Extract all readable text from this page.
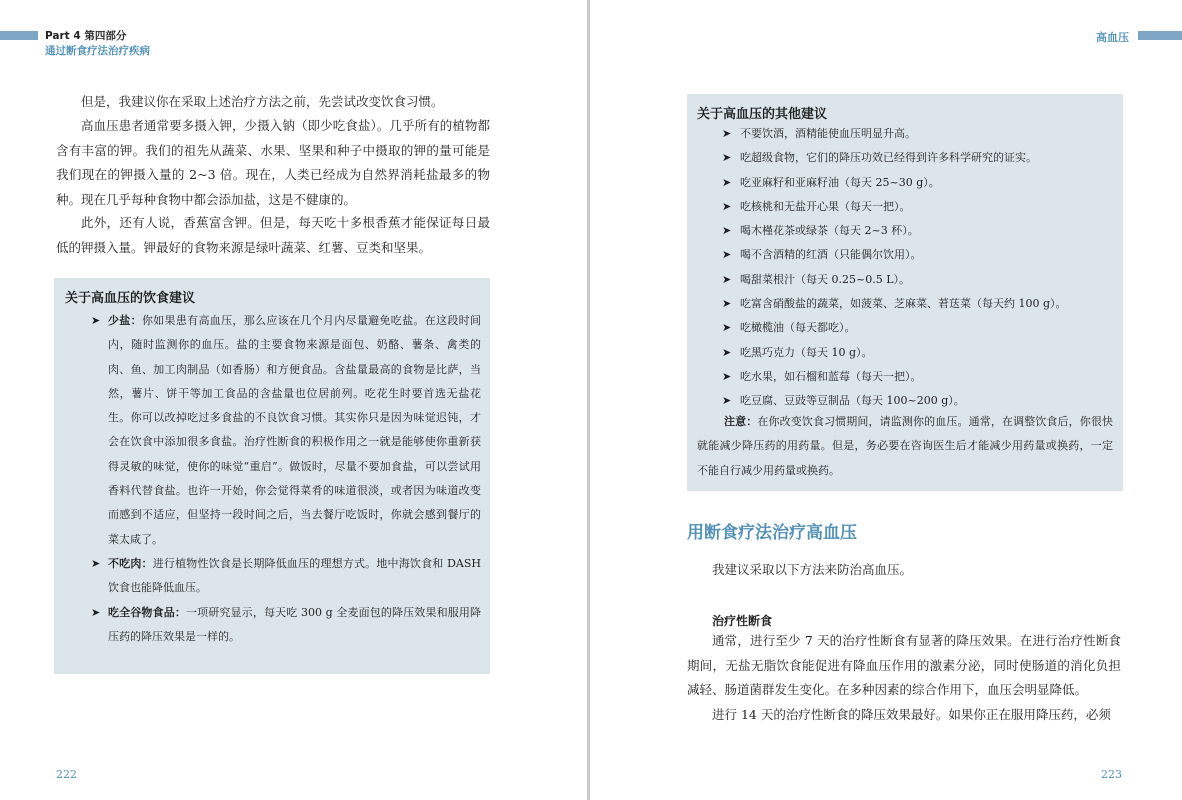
Part 4 第四部分
通过断食疗法治疗疾病

但是，我建议你在采取上述治疗方法之前，先尝试改变饮食习惯。

高血压患者通常要多摄入钾，少摄入钠（即少吃食盐）。几乎所有的植物都含有丰富的钾。我们的祖先从蔬菜、水果、坚果和种子中摄取的钾的量可能是我们现在的钾摄入量的 2~3 倍。现在，人类已经成为自然界消耗盐最多的物种。现在几乎每种食物中都会添加盐，这是不健康的。

此外，还有人说，香蕉富含钾。但是，每天吃十多根香蕉才能保证每日最低的钾摄入量。钾最好的食物来源是绿叶蔬菜、红薯、豆类和坚果。

关于高血压的饮食建议
➤ 少盐：你如果患有高血压，那么应该在几个月内尽量避免吃盐。在这段时间内，随时监测你的血压。盐的主要食物来源是面包、奶酪、薯条、禽类的肉、鱼、加工肉制品（如香肠）和方便食品。含盐量最高的食物是比萨，当然，薯片、饼干等加工食品的含盐量也位居前列。吃花生时要首选无盐花生。你可以改掉吃过多食盐的不良饮食习惯。其实你只是因为味觉迟钝，才会在饮食中添加很多食盐。治疗性断食的积极作用之一就是能够使你重新获得灵敏的味觉，使你的味觉“重启”。做饭时，尽量不要加食盐，可以尝试用香料代替食盐。也许一开始，你会觉得菜肴的味道很淡，或者因为味道改变而感到不适应，但坚持一段时间之后，当去餐厅吃饭时，你就会感到餐厅的菜太咸了。
➤ 不吃肉：进行植物性饮食是长期降低血压的理想方式。地中海饮食和 DASH 饮食也能降低血压。
➤ 吃全谷物食品：一项研究显示，每天吃 300 g 全麦面包的降压效果和服用降压药的降压效果是一样的。
222
高血压
关于高血压的其他建议
➤ 不要饮酒，酒精能使血压明显升高。
➤ 吃超级食物，它们的降压功效已经得到许多科学研究的证实。
➤ 吃亚麻籽和亚麻籽油（每天 25~30 g）。
➤ 吃核桃和无盐开心果（每天一把）。
➤ 喝木槿花茶或绿茶（每天 2~3 杯）。
➤ 喝不含酒精的红酒（只能偶尔饮用）。
➤ 喝甜菜根汁（每天 0.25~0.5 L）。
➤ 吃富含硝酸盐的蔬菜，如菠菜、芝麻菜、莙荙菜（每天约 100 g）。
➤ 吃橄榄油（每天都吃）。
➤ 吃黑巧克力（每天 10 g）。
➤ 吃水果，如石榴和蓝莓（每天一把）。
➤ 吃豆腐、豆豉等豆制品（每天 100~200 g）。

注意：在你改变饮食习惯期间，请监测你的血压。通常，在调整饮食后，你很快就能减少降压药的用药量。但是，务必要在咨询医生后才能减少用药量或换药，一定不能自行减少用药量或换药。

用断食疗法治疗高血压

我建议采取以下方法来防治高血压。

治疗性断食

通常，进行至少 7 天的治疗性断食有显著的降压效果。在进行治疗性断食期间，无盐无脂饮食能促进有降血压作用的激素分泌，同时使肠道的消化负担减轻、肠道菌群发生变化。在多种因素的综合作用下，血压会明显降低。

进行 14 天的治疗性断食的降压效果最好。如果你正在服用降压药，必须

223
